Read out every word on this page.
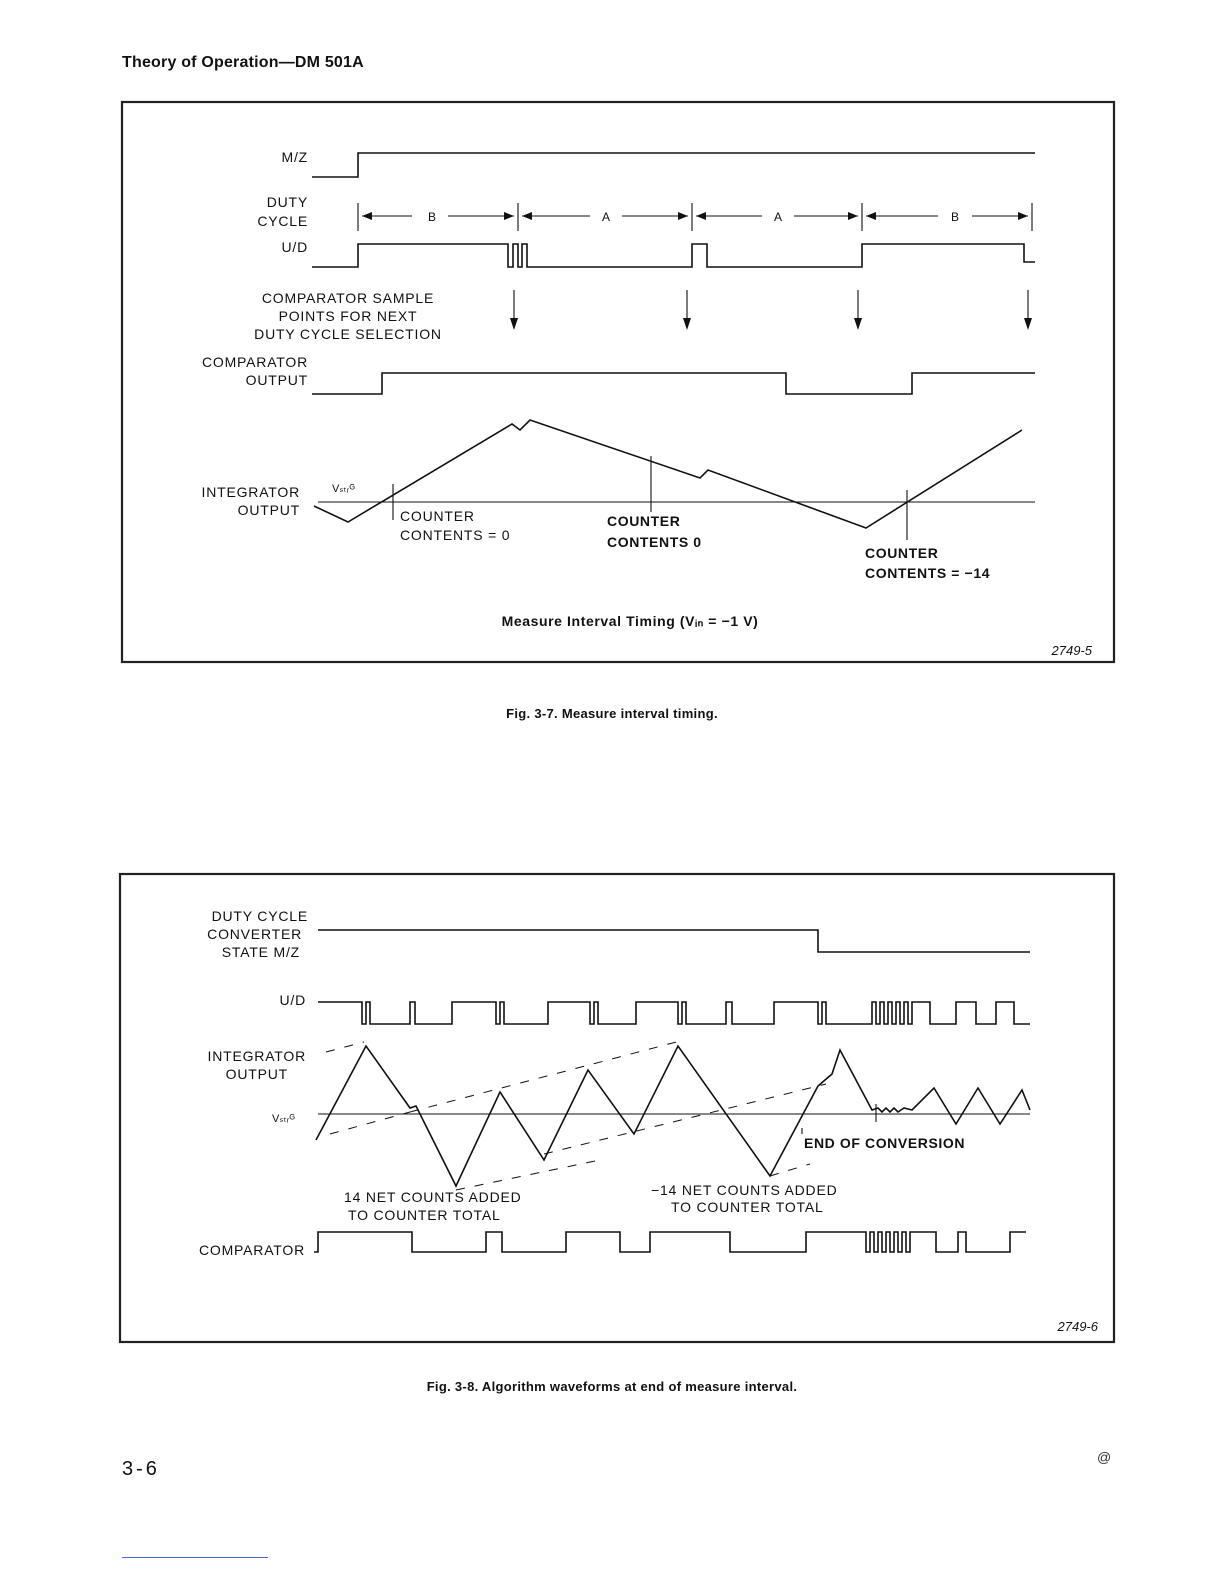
Theory of Operation—DM 501A
M/Z
DUTY
CYCLE
U/D
COMPARATOR SAMPLE
POINTS FOR NEXT
DUTY CYCLE SELECTION
COMPARATOR
OUTPUT
INTEGRATOR
OUTPUT
Vₛₜᵣᴳ
B	A	A	B
COUNTER
CONTENTS = 0
COUNTER
CONTENTS 0
COUNTER
CONTENTS = −14
Measure Interval Timing (Vᵢₙ = −1 V)
2749-5
DUTY CYCLE
CONVERTER
STATE M/Z
U/D
INTEGRATOR
OUTPUT
Vₛₜᵣᴳ
COMPARATOR
END OF CONVERSION
14 NET COUNTS ADDED
TO COUNTER TOTAL
−14 NET COUNTS ADDED
TO COUNTER TOTAL
2749-6
Fig. 3-7. Measure interval timing.
Fig. 3-8. Algorithm waveforms at end of measure interval.
3-6
@
